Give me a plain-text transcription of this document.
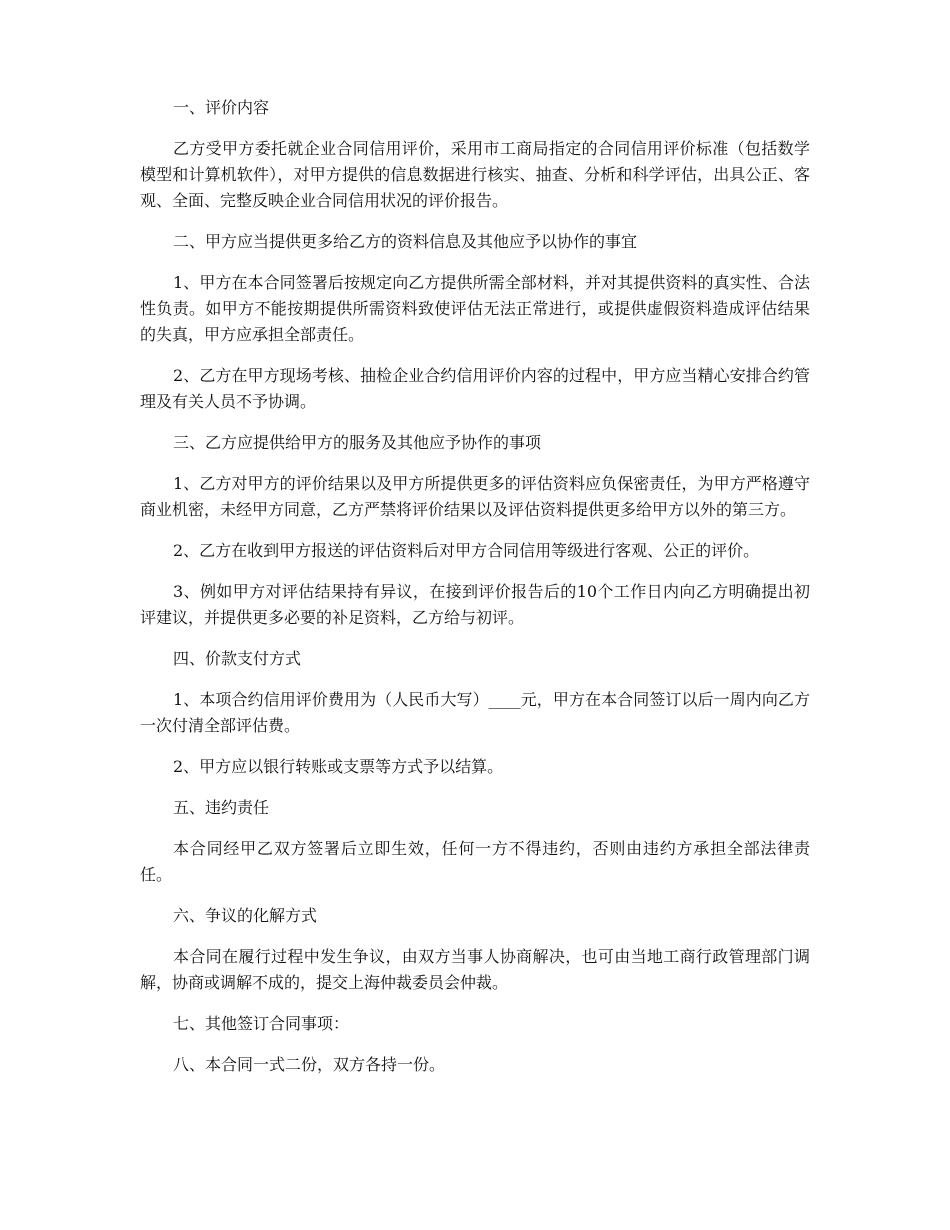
一、评价内容

乙方受甲方委托就企业合同信用评价，采用市工商局指定的合同信用评价标准（包括数学模型和计算机软件），对甲方提供的信息数据进行核实、抽查、分析和科学评估，出具公正、客观、全面、完整反映企业合同信用状况的评价报告。

二、甲方应当提供更多给乙方的资料信息及其他应予以协作的事宜

1、甲方在本合同签署后按规定向乙方提供所需全部材料，并对其提供资料的真实性、合法性负责。如甲方不能按期提供所需资料致使评估无法正常进行，或提供虚假资料造成评估结果的失真，甲方应承担全部责任。

2、乙方在甲方现场考核、抽检企业合约信用评价内容的过程中，甲方应当精心安排合约管理及有关人员不予协调。

三、乙方应提供给甲方的服务及其他应予协作的事项

1、乙方对甲方的评价结果以及甲方所提供更多的评估资料应负保密责任，为甲方严格遵守商业机密，未经甲方同意，乙方严禁将评价结果以及评估资料提供更多给甲方以外的第三方。

2、乙方在收到甲方报送的评估资料后对甲方合同信用等级进行客观、公正的评价。

3、例如甲方对评估结果持有异议，在接到评价报告后的10个工作日内向乙方明确提出初评建议，并提供更多必要的补足资料，乙方给与初评。

四、价款支付方式

1、本项合约信用评价费用为（人民币大写）____元，甲方在本合同签订以后一周内向乙方一次付清全部评估费。

2、甲方应以银行转账或支票等方式予以结算。

五、违约责任

本合同经甲乙双方签署后立即生效，任何一方不得违约，否则由违约方承担全部法律责任。

六、争议的化解方式

本合同在履行过程中发生争议，由双方当事人协商解决，也可由当地工商行政管理部门调解，协商或调解不成的，提交上海仲裁委员会仲裁。

七、其他签订合同事项：

八、本合同一式二份，双方各持一份。
